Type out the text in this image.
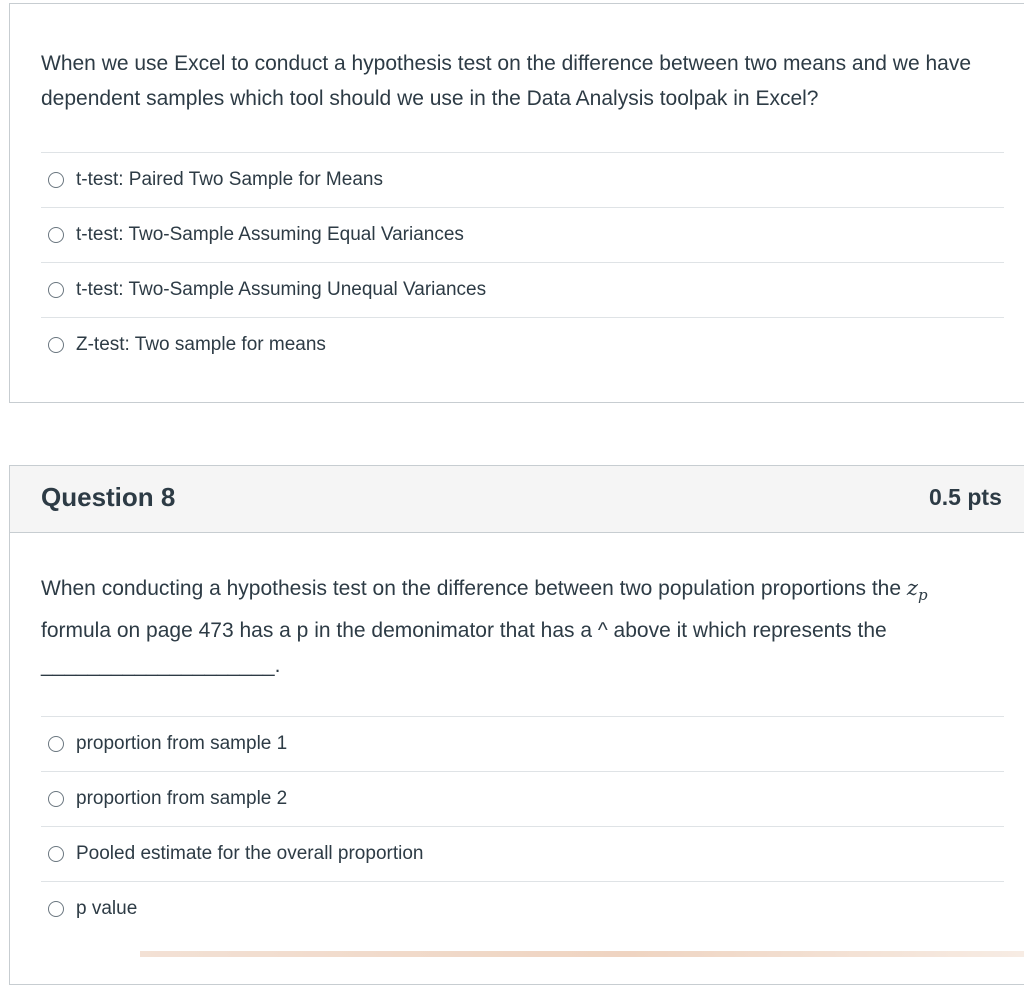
When we use Excel to conduct a hypothesis test on the difference between two means and we have dependent samples which tool should we use in the Data Analysis toolpak in Excel?
t-test: Paired Two Sample for Means
t-test: Two-Sample Assuming Equal Variances
t-test: Two-Sample Assuming Unequal Variances
Z-test: Two sample for means
Question 8	0.5 pts
When conducting a hypothesis test on the difference between two population proportions the $z_p$ formula on page 473 has a p in the demonimator that has a ^ above it which represents the ____________________.
proportion from sample 1
proportion from sample 2
Pooled estimate for the overall proportion
p value
